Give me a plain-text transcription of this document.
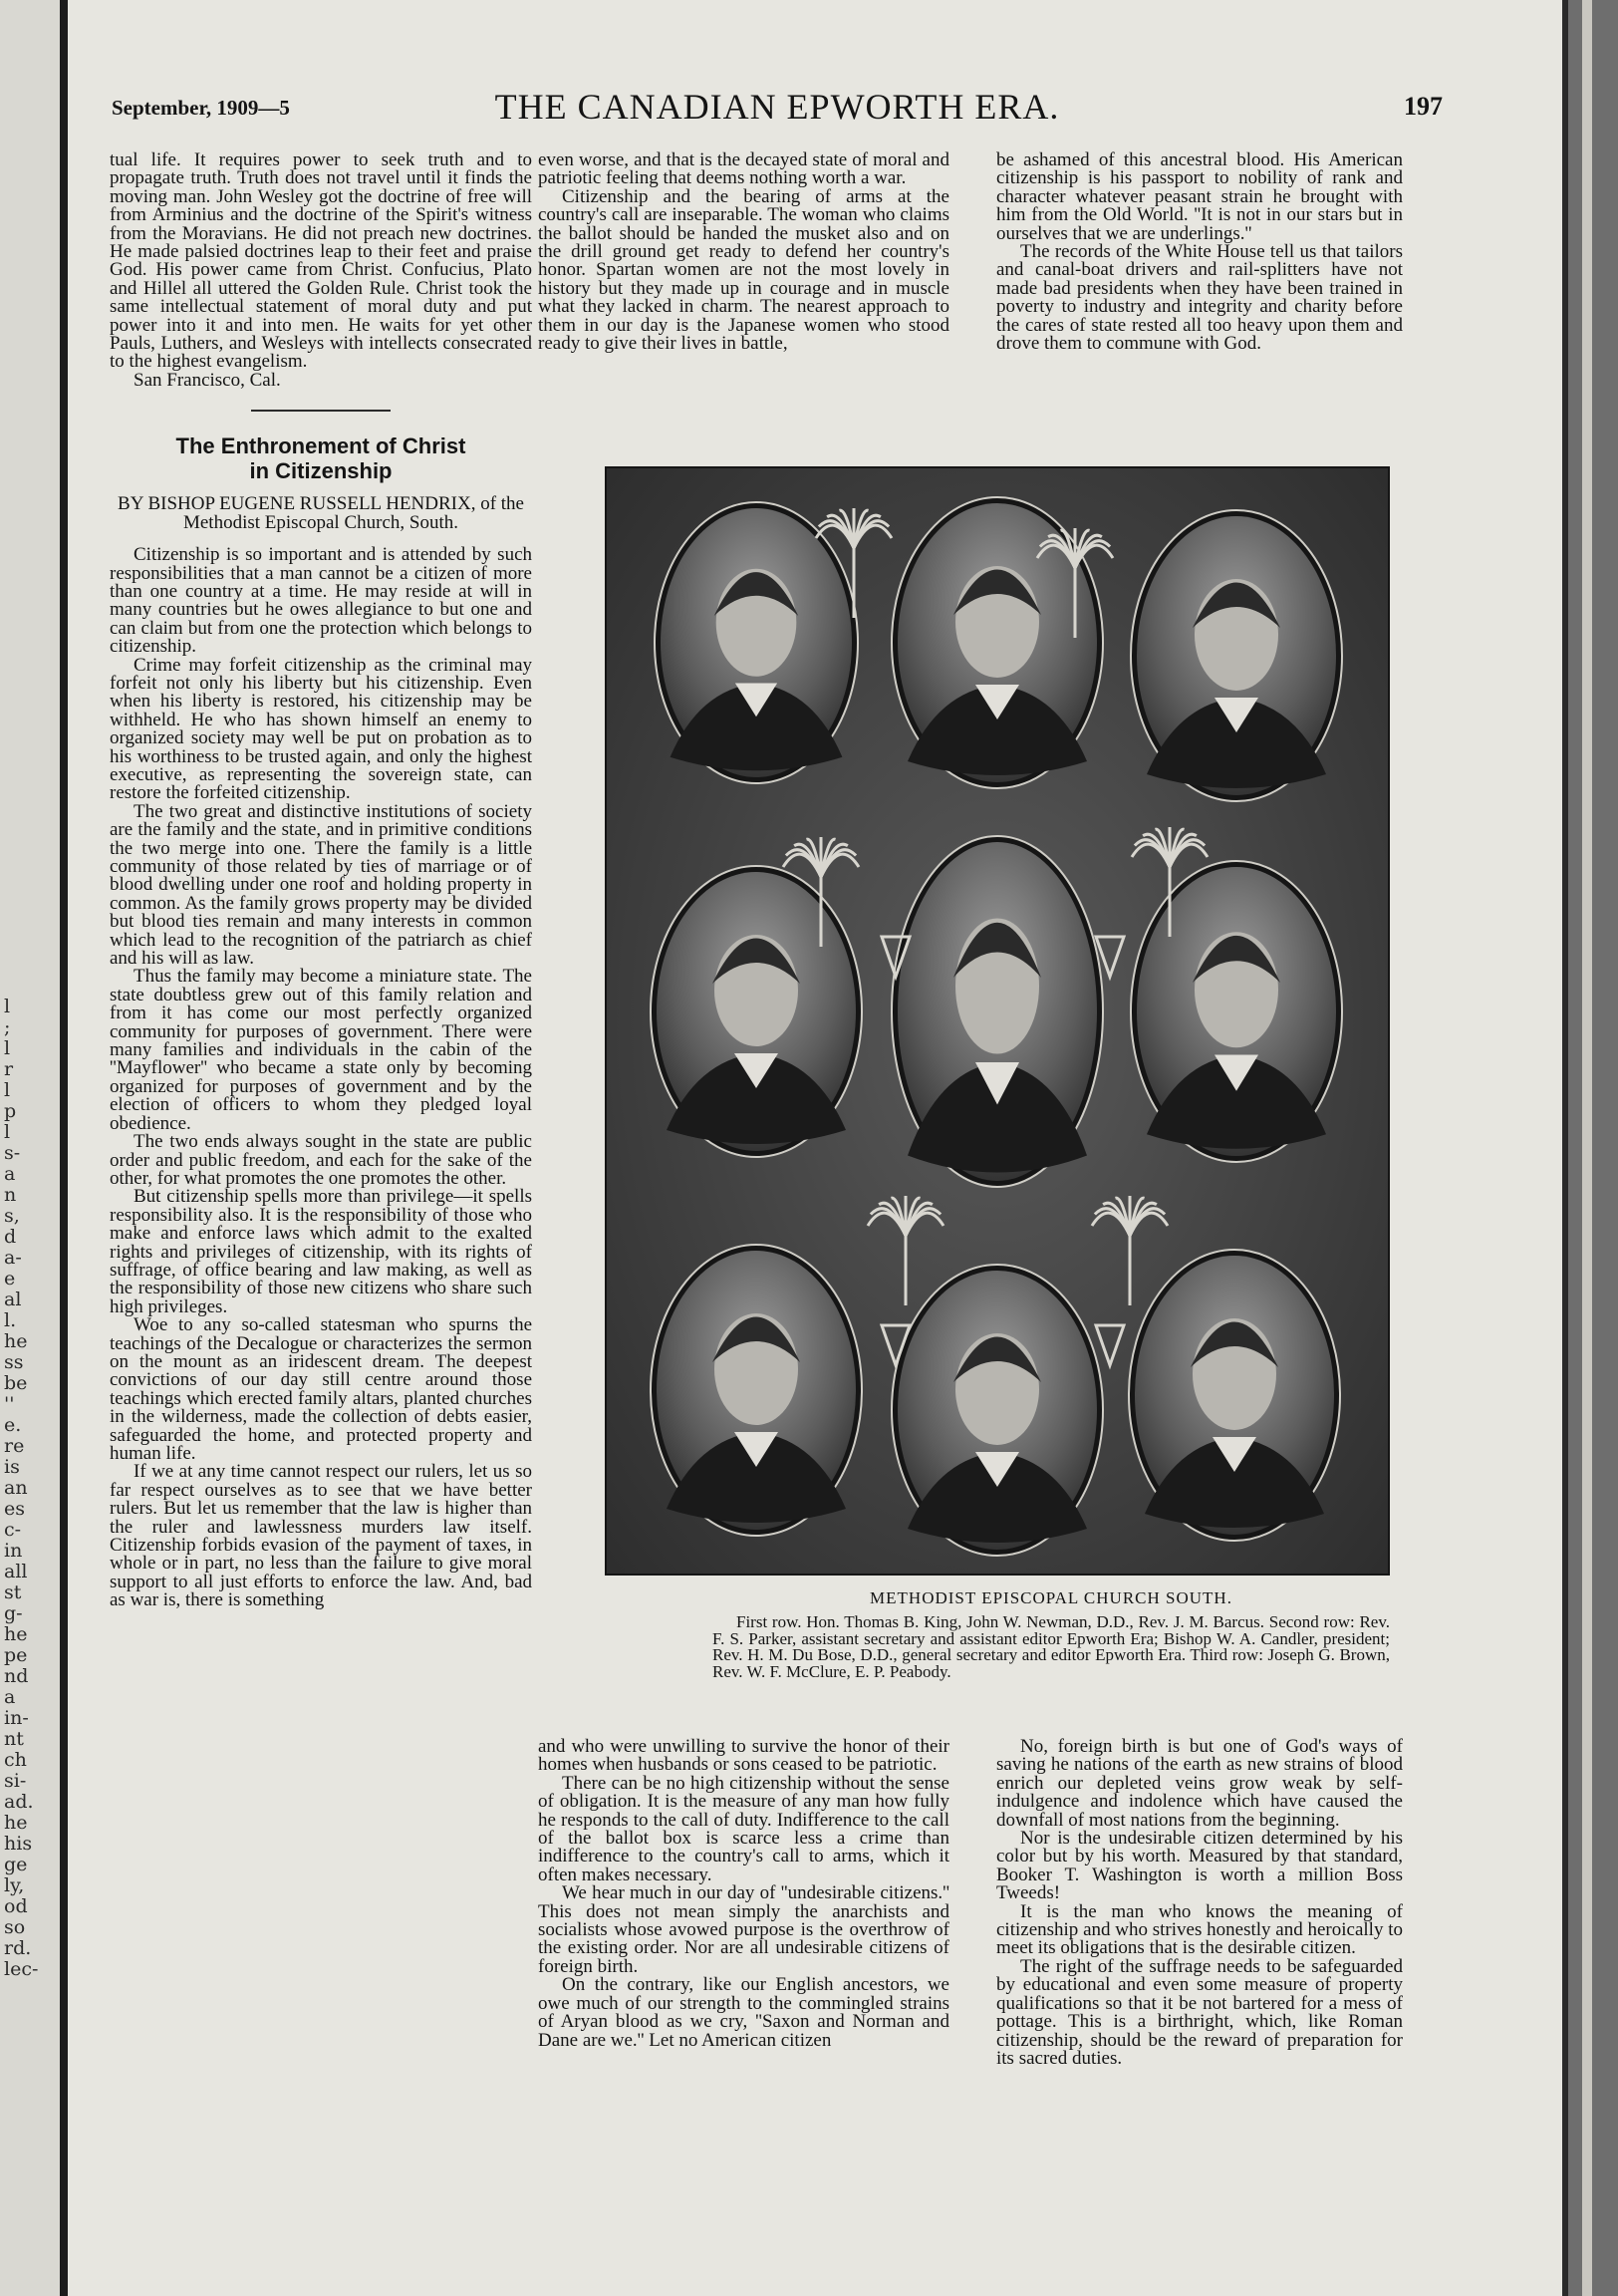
l
;
l
r
l
p
l
s-
a
n
s,
d
a-
e
al
l.
he
ss
be
''
e.
re
is
an
es
c-
in
all
st
g-
he
pe
nd
a
in-
nt
ch
si-
ad.
he
his
ge
ly,
od
so
rd.
lec-
September, 1909—5	THE CANADIAN EPWORTH ERA.	197

tual life. It requires power to seek truth and to propagate truth. Truth does not travel until it finds the moving man. John Wesley got the doctrine of free will from Arminius and the doctrine of the Spirit's witness from the Moravians. He did not preach new doctrines. He made palsied doctrines leap to their feet and praise God. His power came from Christ. Confucius, Plato and Hillel all uttered the Golden Rule. Christ took the same intellectual statement of moral duty and put power into it and into men. He waits for yet other Pauls, Luthers, and Wesleys with intellects consecrated to the highest evangelism.

San Francisco, Cal.

The Enthronement of Christ
in Citizenship
BY BISHOP EUGENE RUSSELL HENDRIX, of the Methodist Episcopal Church, South.

Citizenship is so important and is attended by such responsibilities that a man cannot be a citizen of more than one country at a time. He may reside at will in many countries but he owes allegiance to but one and can claim but from one the protection which belongs to citizenship.

Crime may forfeit citizenship as the criminal may forfeit not only his liberty but his citizenship. Even when his liberty is restored, his citizenship may be withheld. He who has shown himself an enemy to organized society may well be put on probation as to his worthiness to be trusted again, and only the highest executive, as representing the sovereign state, can restore the forfeited citizenship.

The two great and distinctive institutions of society are the family and the state, and in primitive conditions the two merge into one. There the family is a little community of those related by ties of marriage or of blood dwelling under one roof and holding property in common. As the family grows property may be divided but blood ties remain and many interests in common which lead to the recognition of the patriarch as chief and his will as law.

Thus the family may become a miniature state. The state doubtless grew out of this family relation and from it has come our most perfectly organized community for purposes of government. There were many families and individuals in the cabin of the ''Mayflower'' who became a state only by becoming organized for purposes of government and by the election of officers to whom they pledged loyal obedience.

The two ends always sought in the state are public order and public freedom, and each for the sake of the other, for what promotes the one promotes the other.

But citizenship spells more than privilege—it spells responsibility also. It is the responsibility of those who make and enforce laws which admit to the exalted rights and privileges of citizenship, with its rights of suffrage, of office bearing and law making, as well as the responsibility of those new citizens who share such high privileges.

Woe to any so-called statesman who spurns the teachings of the Decalogue or characterizes the sermon on the mount as an iridescent dream. The deepest convictions of our day still centre around those teachings which erected family altars, planted churches in the wilderness, made the collection of debts easier, safeguarded the home, and protected property and human life.

If we at any time cannot respect our rulers, let us so far respect ourselves as to see that we have better rulers. But let us remember that the law is higher than the ruler and lawlessness murders law itself. Citizenship forbids evasion of the payment of taxes, in whole or in part, no less than the failure to give moral support to all just efforts to enforce the law. And, bad as war is, there is something

even worse, and that is the decayed state of moral and patriotic feeling that deems nothing worth a war.

Citizenship and the bearing of arms at the country's call are inseparable. The woman who claims the ballot should be handed the musket also and on the drill ground get ready to defend her country's honor. Spartan women are not the most lovely in history but they made up in courage and in muscle what they lacked in charm. The nearest approach to them in our day is the Japanese women who stood ready to give their lives in battle,

be ashamed of this ancestral blood. His American citizenship is his passport to nobility of rank and character whatever peasant strain he brought with him from the Old World. ''It is not in our stars but in ourselves that we are underlings.''

The records of the White House tell us that tailors and canal-boat drivers and rail-splitters have not made bad presidents when they have been trained in poverty to industry and integrity and charity before the cares of state rested all too heavy upon them and drove them to commune with God.

METHODIST EPISCOPAL CHURCH SOUTH.
First row. Hon. Thomas B. King, John W. Newman, D.D., Rev. J. M. Barcus. Second row: Rev. F. S. Parker, assistant secretary and assistant editor Epworth Era; Bishop W. A. Candler, president; Rev. H. M. Du Bose, D.D., general secretary and editor Epworth Era. Third row: Joseph G. Brown, Rev. W. F. McClure, E. P. Peabody.

and who were unwilling to survive the honor of their homes when husbands or sons ceased to be patriotic.

There can be no high citizenship without the sense of obligation. It is the measure of any man how fully he responds to the call of duty. Indifference to the call of the ballot box is scarce less a crime than indifference to the country's call to arms, which it often makes necessary.

We hear much in our day of ''undesirable citizens.'' This does not mean simply the anarchists and socialists whose avowed purpose is the overthrow of the existing order. Nor are all undesirable citizens of foreign birth.

On the contrary, like our English ancestors, we owe much of our strength to the commingled strains of Aryan blood as we cry, ''Saxon and Norman and Dane are we.'' Let no American citizen

No, foreign birth is but one of God's ways of saving he nations of the earth as new strains of blood enrich our depleted veins grow weak by self-indulgence and indolence which have caused the downfall of most nations from the beginning.

Nor is the undesirable citizen determined by his color but by his worth. Measured by that standard, Booker T. Washington is worth a million Boss Tweeds!

It is the man who knows the meaning of citizenship and who strives honestly and heroically to meet its obligations that is the desirable citizen.

The right of the suffrage needs to be safeguarded by educational and even some measure of property qualifications so that it be not bartered for a mess of pottage. This is a birthright, which, like Roman citizenship, should be the reward of preparation for its sacred duties.
